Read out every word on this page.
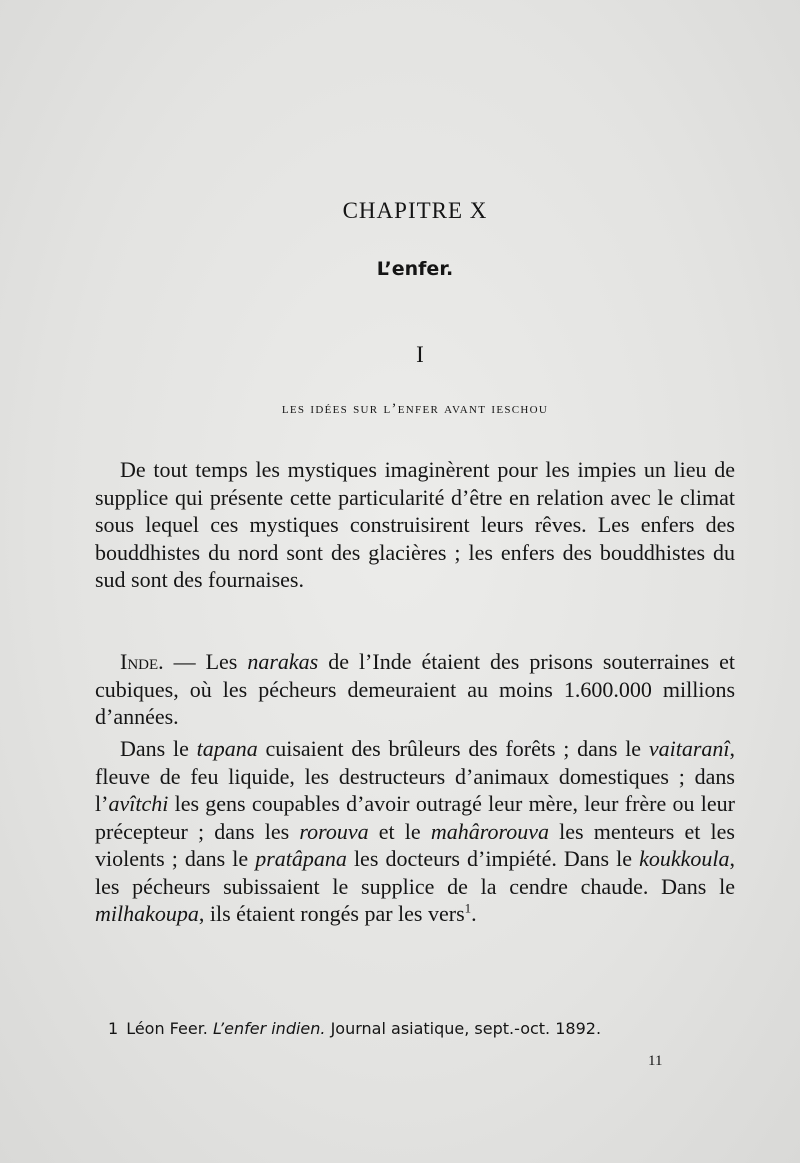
CHAPITRE X
L’enfer.
I
les idées sur l’enfer avant ieschou

De tout temps les mystiques imaginèrent pour les impies un lieu de supplice qui présente cette particularité d’être en relation avec le climat sous lequel ces mystiques construisirent leurs rêves. Les enfers des bouddhistes du nord sont des glacières ; les enfers des bouddhistes du sud sont des fournaises.

Inde. — Les narakas de l’Inde étaient des prisons souterraines et cubiques, où les pécheurs demeuraient au moins 1.600.000 millions d’années.

Dans le tapana cuisaient des brûleurs des forêts ; dans le vaitaranî, fleuve de feu liquide, les destructeurs d’animaux domestiques ; dans l’avîtchi les gens coupables d’avoir outragé leur mère, leur frère ou leur précepteur ; dans les rorouva et le mahârorouva les menteurs et les violents ; dans le pratâpana les docteurs d’impiété. Dans le koukkoula, les pécheurs subissaient le supplice de la cendre chaude. Dans le milhakoupa, ils étaient rongés par les vers$^1$.

1 Léon Feer. L’enfer indien. Journal asiatique, sept.-oct. 1892.
11
